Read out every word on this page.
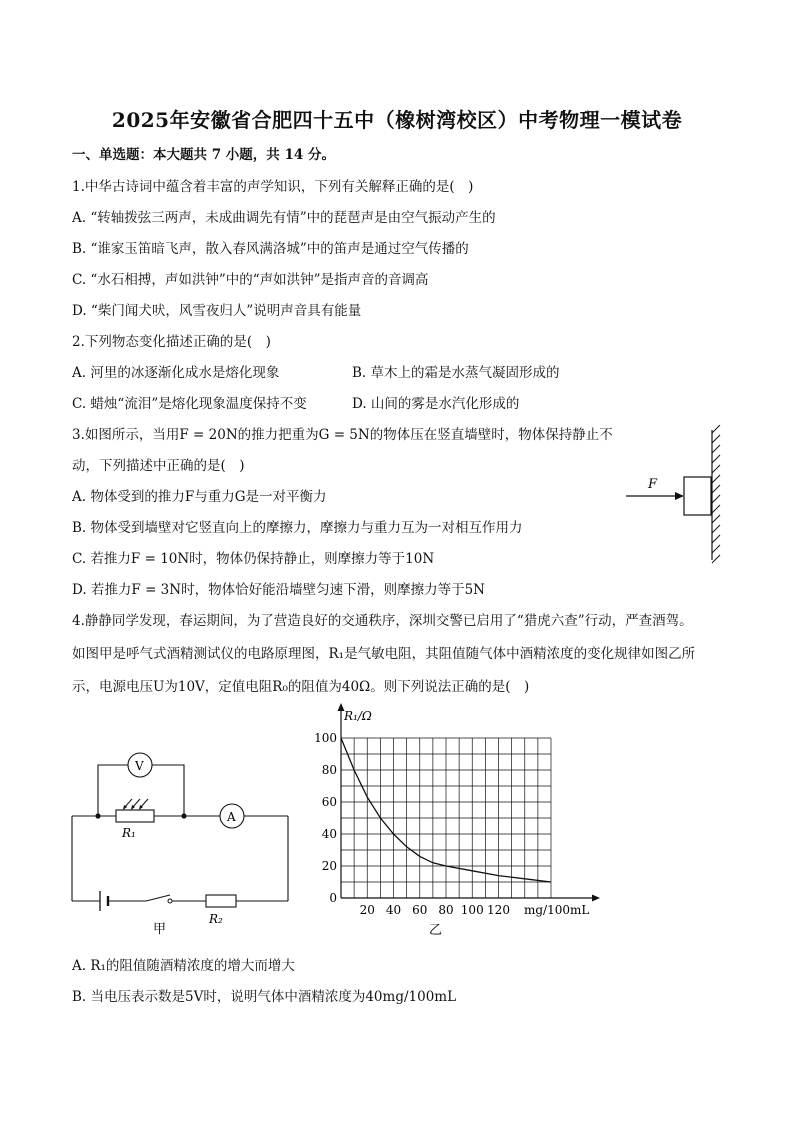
2025年安徽省合肥四十五中（橡树湾校区）中考物理一模试卷
一、单选题：本大题共 7 小题，共 14 分。
1.中华古诗词中蕴含着丰富的声学知识，下列有关解释正确的是(　)
A. “转轴拨弦三两声，未成曲调先有情”中的琵琶声是由空气振动产生的
B. “谁家玉笛暗飞声，散入春风满洛城”中的笛声是通过空气传播的
C. “水石相搏，声如洪钟”中的“声如洪钟”是指声音的音调高
D. “柴门闻犬吠，风雪夜归人”说明声音具有能量
2.下列物态变化描述正确的是(　)
A. 河里的冰逐渐化成水是熔化现象	B. 草木上的霜是水蒸气凝固形成的
C. 蜡烛“流泪”是熔化现象温度保持不变	D. 山间的雾是水汽化形成的
3.如图所示，当用F = 20N的推力把重为G = 5N的物体压在竖直墙壁时，物体保持静止不
动，下列描述中正确的是(　)
A. 物体受到的推力F与重力G是一对平衡力
B. 物体受到墙壁对它竖直向上的摩擦力，摩擦力与重力互为一对相互作用力
C. 若推力F = 10N时，物体仍保持静止，则摩擦力等于10N
D. 若推力F = 3N时，物体恰好能沿墙壁匀速下滑，则摩擦力等于5N
F
4.静静同学发现，春运期间，为了营造良好的交通秩序，深圳交警已启用了“猎虎六查”行动，严查酒驾。
如图甲是呼气式酒精测试仪的电路原理图，R₁是气敏电阻，其阻值随气体中酒精浓度的变化规律如图乙所
示，电源电压U为10V，定值电阻R₀的阻值为40Ω。则下列说法正确的是(　)
R₁
V
A
R₂
甲
0
20
40
60
80
100
20 40 60 80 100 120
R₁/Ω
mg/100mL
乙
A. R₁的阻值随酒精浓度的增大而增大
B. 当电压表示数是5V时，说明气体中酒精浓度为40mg/100mL
